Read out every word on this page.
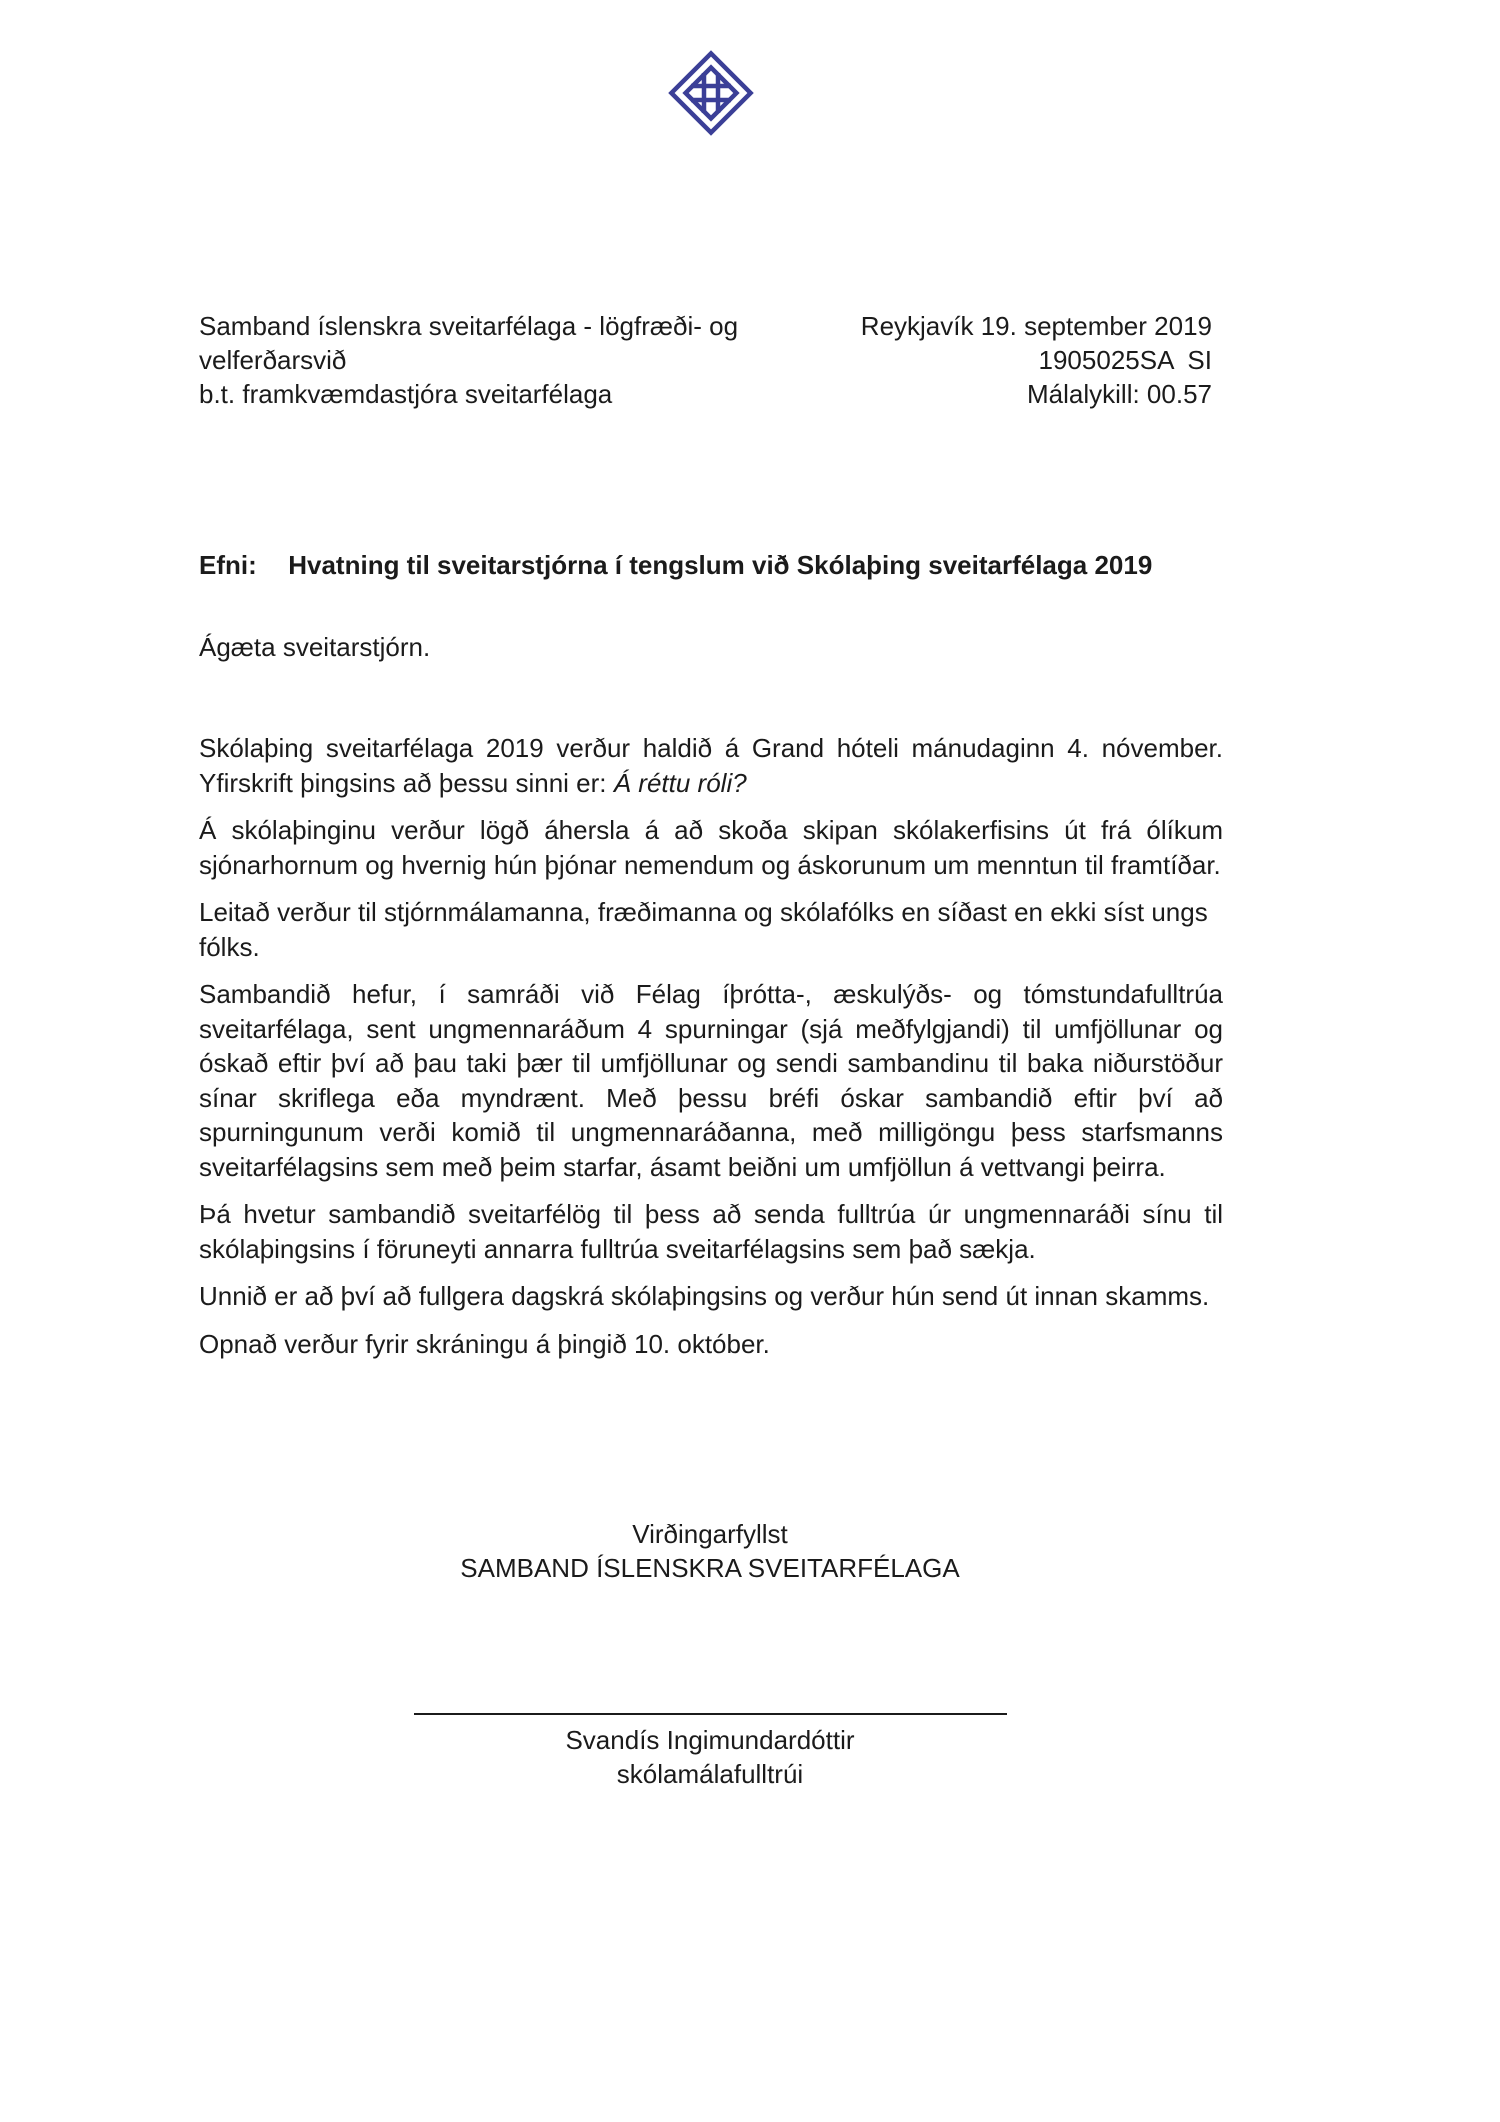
Samband íslenskra sveitarfélaga - lögfræði- og
velferðarsvið
b.t. framkvæmdastjóra sveitarfélaga
Reykjavík 19. september 2019
1905025SA  SI
Málalykill: 00.57
Efni: Hvatning til sveitarstjórna í tengslum við Skólaþing sveitarfélaga 2019
Ágæta sveitarstjórn.

Skólaþing sveitarfélaga 2019 verður haldið á Grand hóteli mánudaginn 4. nóvember. Yfirskrift þingsins að þessu sinni er: Á réttu róli?

Á skólaþinginu verður lögð áhersla á að skoða skipan skólakerfisins út frá ólíkum sjónarhornum og hvernig hún þjónar nemendum og áskorunum um menntun til framtíðar.

Leitað verður til stjórnmálamanna, fræðimanna og skólafólks en síðast en ekki síst ungs fólks.

Sambandið hefur, í samráði við Félag íþrótta-, æskulýðs- og tómstundafulltrúa sveitarfélaga, sent ungmennaráðum 4 spurningar (sjá meðfylgjandi) til umfjöllunar og óskað eftir því að þau taki þær til umfjöllunar og sendi sambandinu til baka niðurstöður sínar skriflega eða myndrænt. Með þessu bréfi óskar sambandið eftir því að spurningunum verði komið til ungmennaráðanna, með milligöngu þess starfsmanns sveitarfélagsins sem með þeim starfar, ásamt beiðni um umfjöllun á vettvangi þeirra.

Þá hvetur sambandið sveitarfélög til þess að senda fulltrúa úr ungmennaráði sínu til skólaþingsins í föruneyti annarra fulltrúa sveitarfélagsins sem það sækja.

Unnið er að því að fullgera dagskrá skólaþingsins og verður hún send út innan skamms.

Opnað verður fyrir skráningu á þingið 10. október.

Virðingarfyllst
SAMBAND ÍSLENSKRA SVEITARFÉLAGA
Svandís Ingimundardóttir
skólamálafulltrúi
